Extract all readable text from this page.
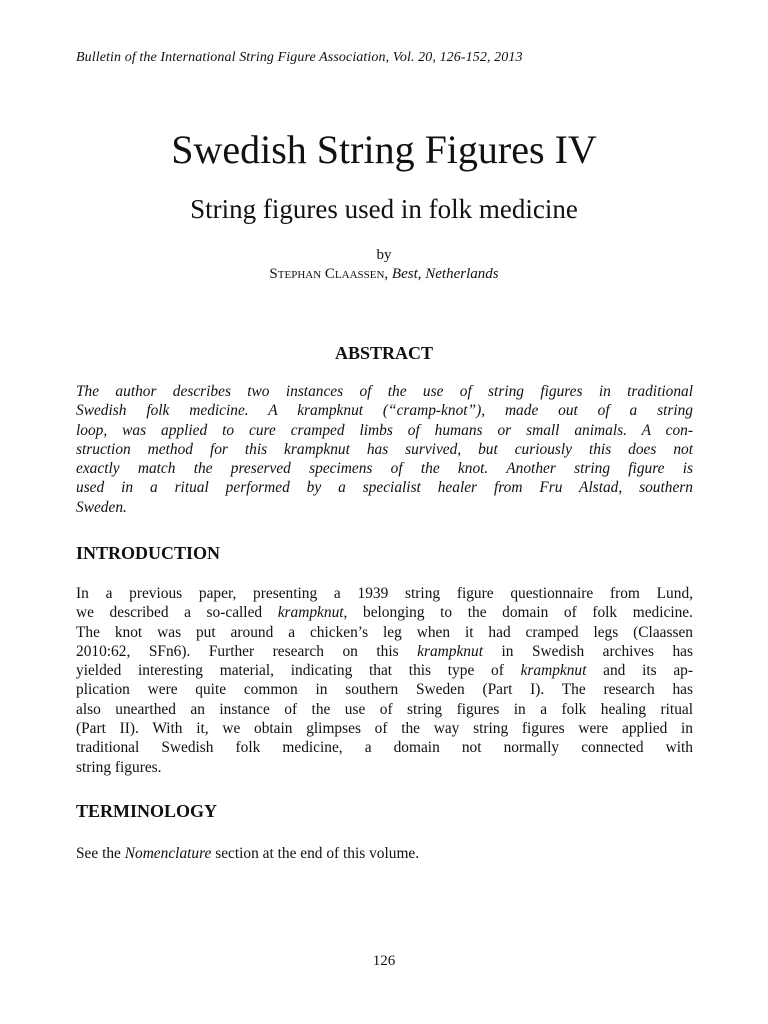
Bulletin of the International String Figure Association, Vol. 20, 126-152, 2013
Swedish String Figures IV
String figures used in folk medicine
by
Stephan Claassen, Best, Netherlands
ABSTRACT
The author describes two instances of the use of string figures in traditional
Swedish folk medicine. A krampknut (“cramp-knot”), made out of a string
loop, was applied to cure cramped limbs of humans or small animals. A con-
struction method for this krampknut has survived, but curiously this does not
exactly match the preserved specimens of the knot. Another string figure is
used in a ritual performed by a specialist healer from Fru Alstad, southern
Sweden.
INTRODUCTION
In a previous paper, presenting a 1939 string figure questionnaire from Lund,
we described a so-called krampknut, belonging to the domain of folk medicine.
The knot was put around a chicken’s leg when it had cramped legs (Claassen
2010:62, SFn6). Further research on this krampknut in Swedish archives has
yielded interesting material, indicating that this type of krampknut and its ap-
plication were quite common in southern Sweden (Part I). The research has
also unearthed an instance of the use of string figures in a folk healing ritual
(Part II). With it, we obtain glimpses of the way string figures were applied in
traditional Swedish folk medicine, a domain not normally connected with
string figures.
TERMINOLOGY
See the Nomenclature section at the end of this volume.
126
